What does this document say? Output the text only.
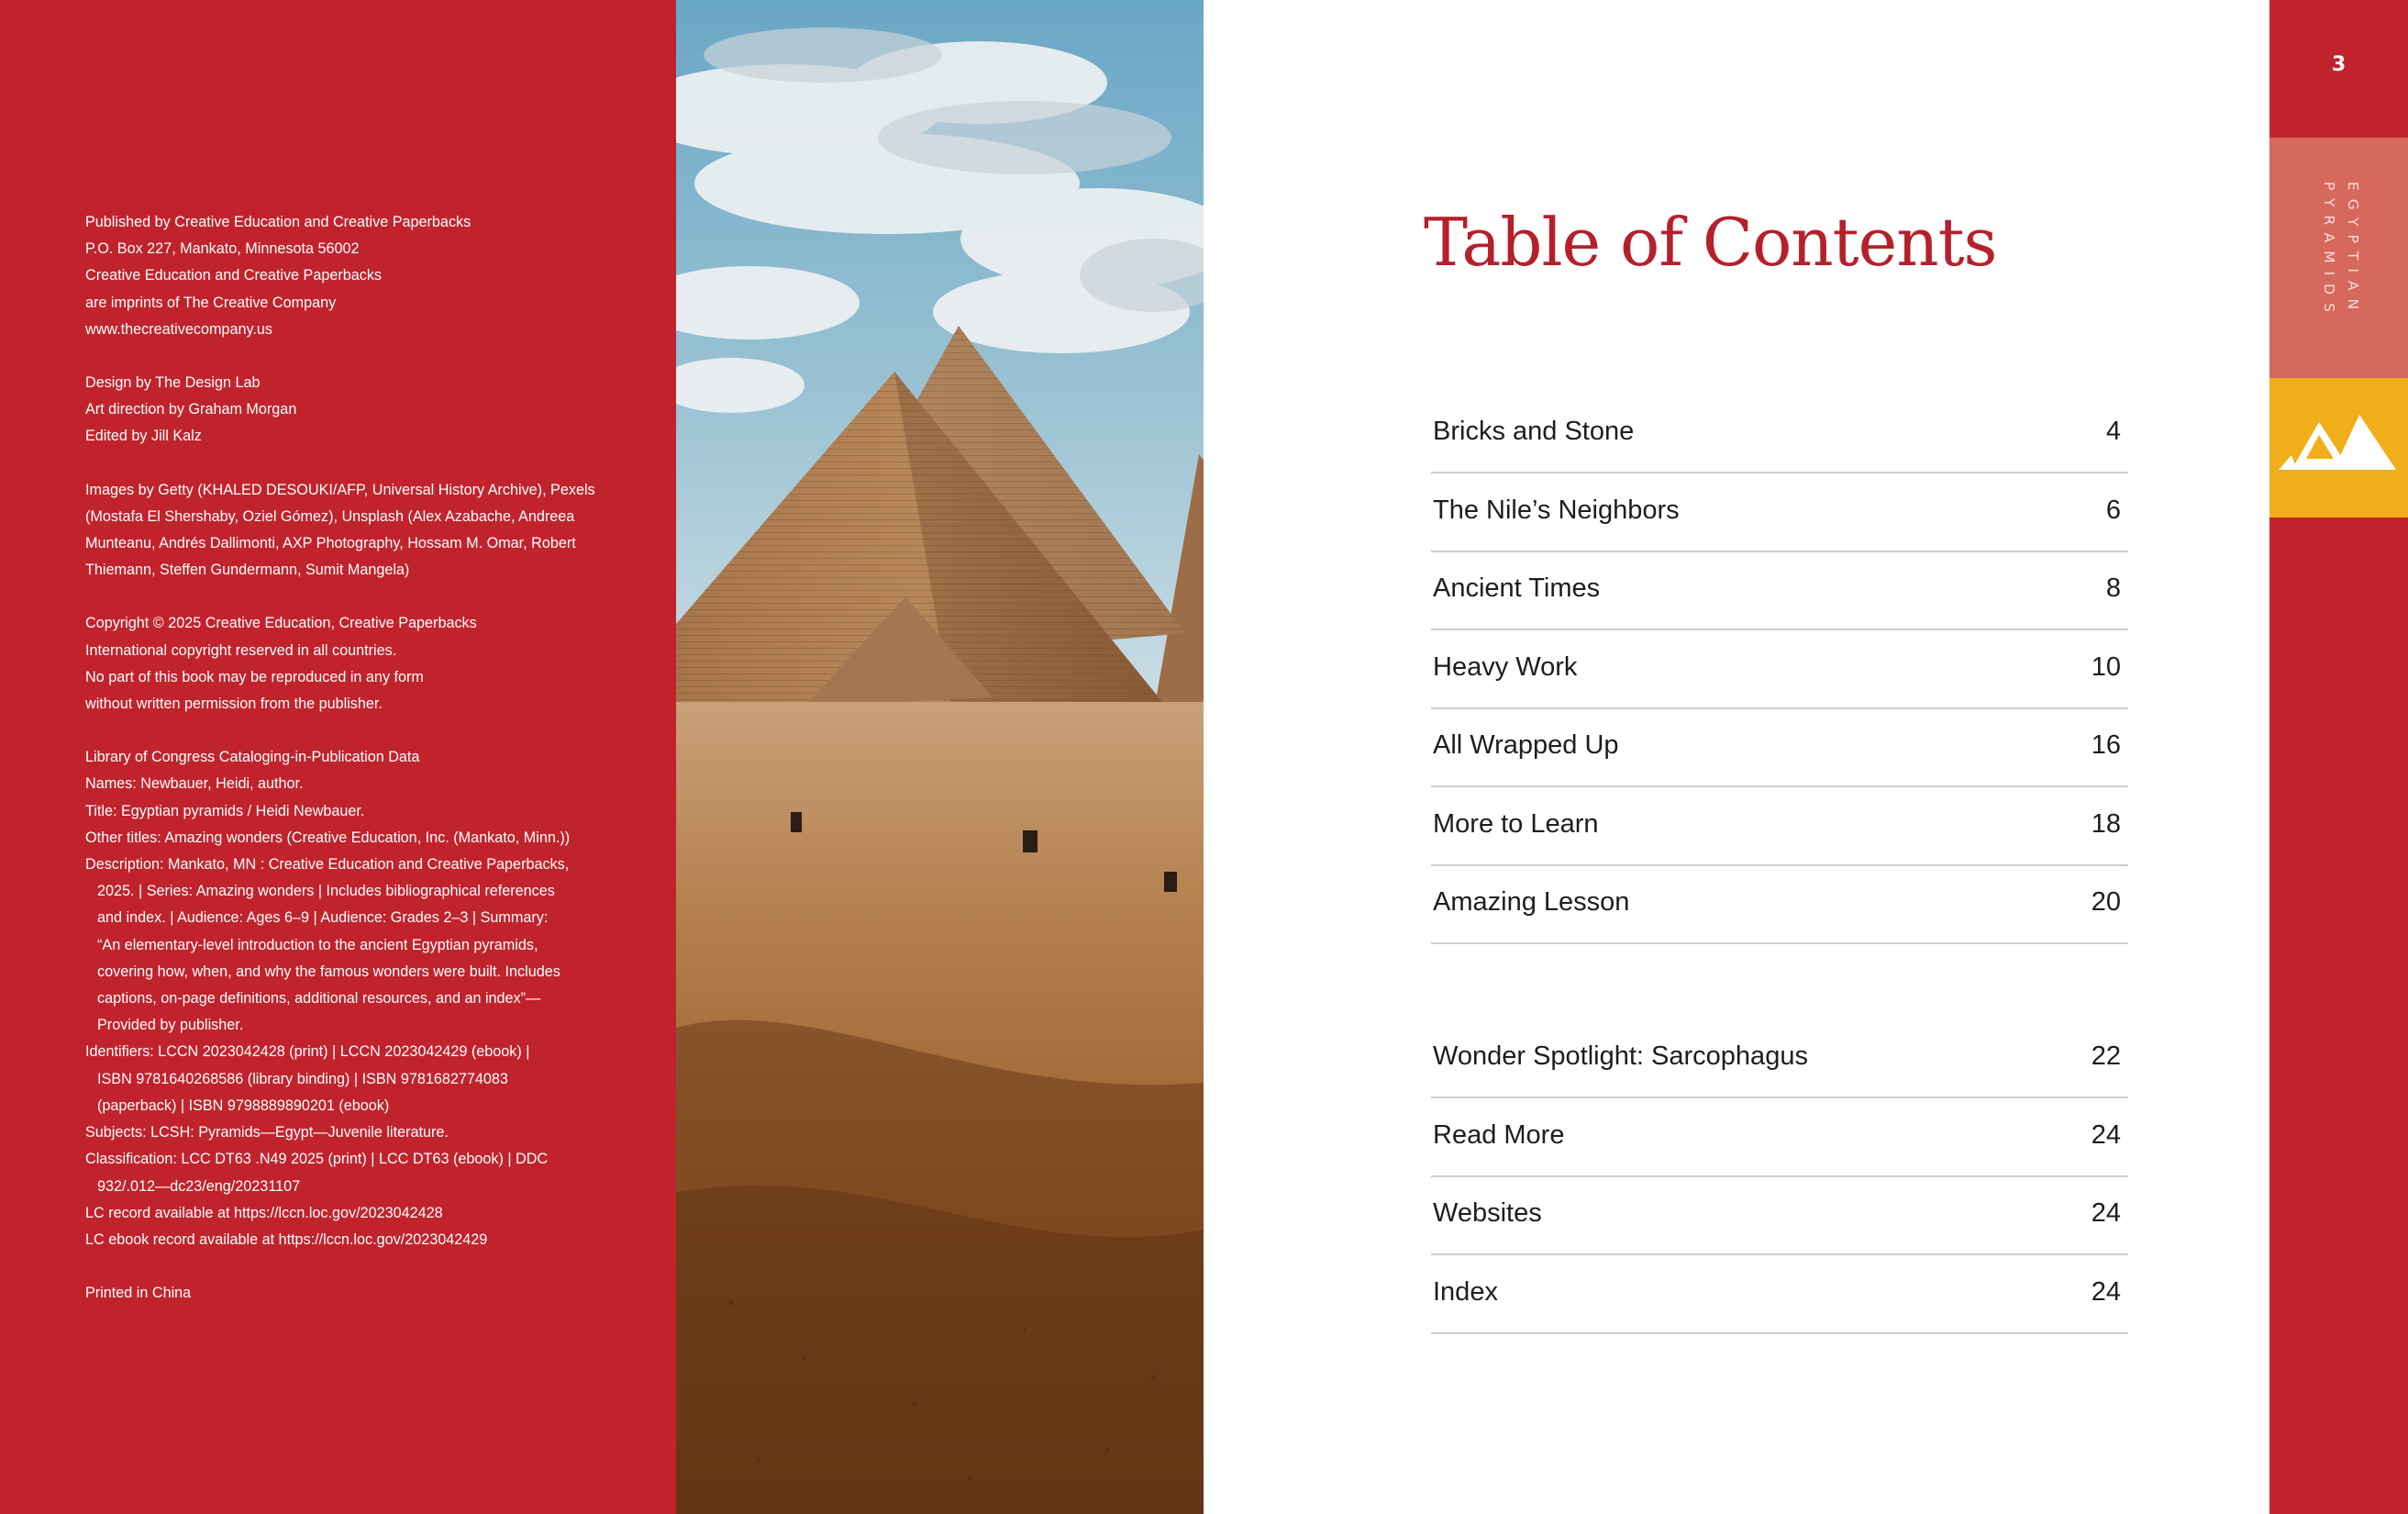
Published by Creative Education and Creative Paperbacks
P.O. Box 227, Mankato, Minnesota 56002
Creative Education and Creative Paperbacks
are imprints of The Creative Company
www.thecreativecompany.us
Design by The Design Lab
Art direction by Graham Morgan
Edited by Jill Kalz
Images by Getty (KHALED DESOUKI/AFP, Universal History Archive), Pexels
(Mostafa El Shershaby, Oziel Gómez), Unsplash (Alex Azabache, Andreea
Munteanu, Andrés Dallimonti, AXP Photography, Hossam M. Omar, Robert
Thiemann, Steffen Gundermann, Sumit Mangela)
Copyright © 2025 Creative Education, Creative Paperbacks
International copyright reserved in all countries.
No part of this book may be reproduced in any form
without written permission from the publisher.
Library of Congress Cataloging-in-Publication Data
Names: Newbauer, Heidi, author.
Title: Egyptian pyramids / Heidi Newbauer.
Other titles: Amazing wonders (Creative Education, Inc. (Mankato, Minn.))
Description: Mankato, MN : Creative Education and Creative Paperbacks,
2025. | Series: Amazing wonders | Includes bibliographical references
and index. | Audience: Ages 6–9 | Audience: Grades 2–3 | Summary:
“An elementary-level introduction to the ancient Egyptian pyramids,
covering how, when, and why the famous wonders were built. Includes
captions, on-page definitions, additional resources, and an index”—
Provided by publisher.
Identifiers: LCCN 2023042428 (print) | LCCN 2023042429 (ebook) |
ISBN 9781640268586 (library binding) | ISBN 9781682774083
(paperback) | ISBN 9798889890201 (ebook)
Subjects: LCSH: Pyramids—Egypt—Juvenile literature.
Classification: LCC DT63 .N49 2025 (print) | LCC DT63 (ebook) | DDC
932/.012—dc23/eng/20231107
LC record available at https://lccn.loc.gov/2023042428
LC ebook record available at https://lccn.loc.gov/2023042429
Printed in China
Table of Contents
Bricks and Stone	4
The Nile’s Neighbors	6
Ancient Times	8
Heavy Work	10
All Wrapped Up	16
More to Learn	18
Amazing Lesson	20
Wonder Spotlight: Sarcophagus	22
Read More	24
Websites	24
Index	24
3
EGYPTIAN
PYRAMIDS
